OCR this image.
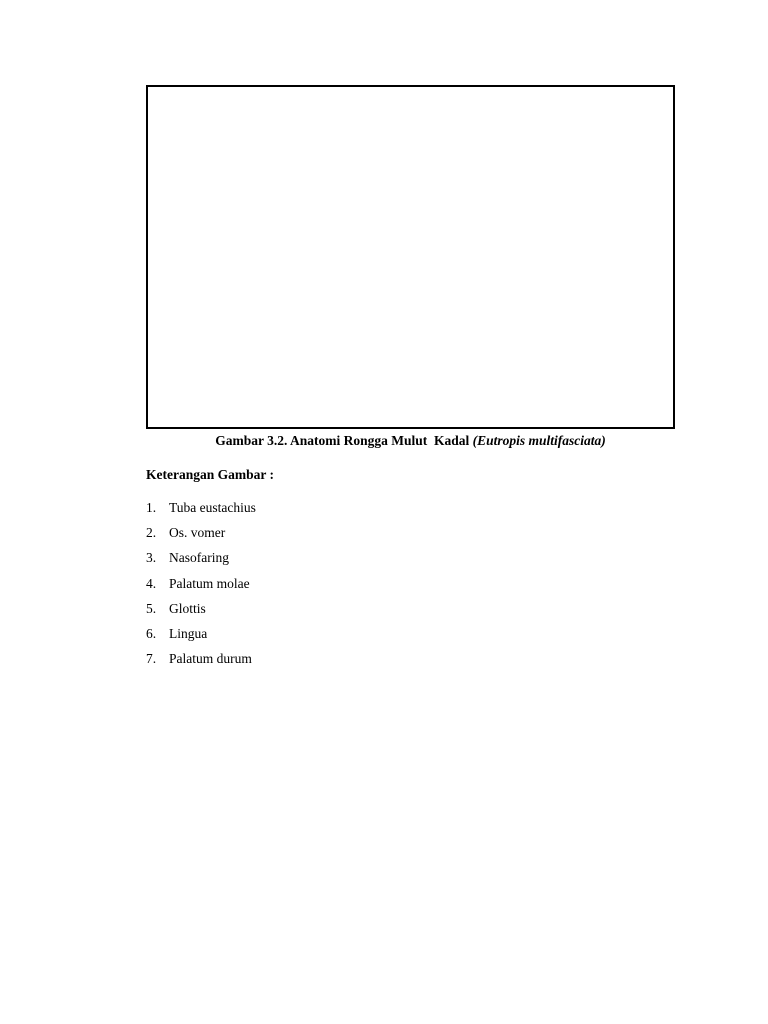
Gambar 3.2. Anatomi Rongga Mulut Kadal (Eutropis multifasciata)
Keterangan Gambar :
1. Tuba eustachius
2. Os. vomer
3. Nasofaring
4. Palatum molae
5. Glottis
6. Lingua
7. Palatum durum
